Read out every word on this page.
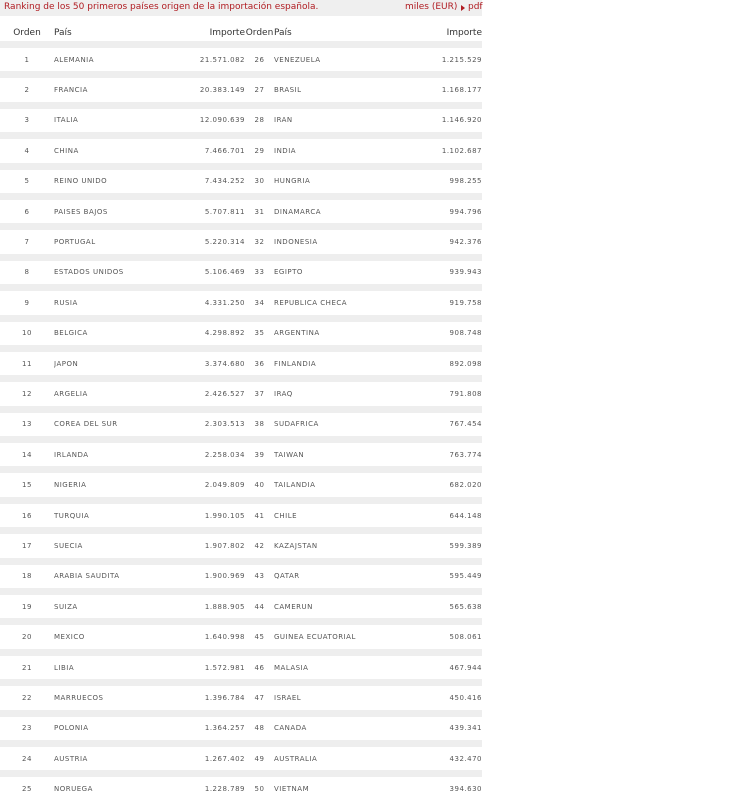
Ranking de los 50 primeros países origen de la importación española.	miles (EUR) pdf
Orden	País	Importe	Orden	País	Importe
1	ALEMANIA	21.571.082	26	VENEZUELA	1.215.529
2	FRANCIA	20.383.149	27	BRASIL	1.168.177
3	ITALIA	12.090.639	28	IRAN	1.146.920
4	CHINA	7.466.701	29	INDIA	1.102.687
5	REINO UNIDO	7.434.252	30	HUNGRIA	998.255
6	PAISES BAJOS	5.707.811	31	DINAMARCA	994.796
7	PORTUGAL	5.220.314	32	INDONESIA	942.376
8	ESTADOS UNIDOS	5.106.469	33	EGIPTO	939.943
9	RUSIA	4.331.250	34	REPUBLICA CHECA	919.758
10	BELGICA	4.298.892	35	ARGENTINA	908.748
11	JAPON	3.374.680	36	FINLANDIA	892.098
12	ARGELIA	2.426.527	37	IRAQ	791.808
13	COREA DEL SUR	2.303.513	38	SUDAFRICA	767.454
14	IRLANDA	2.258.034	39	TAIWAN	763.774
15	NIGERIA	2.049.809	40	TAILANDIA	682.020
16	TURQUIA	1.990.105	41	CHILE	644.148
17	SUECIA	1.907.802	42	KAZAJSTAN	599.389
18	ARABIA SAUDITA	1.900.969	43	QATAR	595.449
19	SUIZA	1.888.905	44	CAMERUN	565.638
20	MEXICO	1.640.998	45	GUINEA ECUATORIAL	508.061
21	LIBIA	1.572.981	46	MALASIA	467.944
22	MARRUECOS	1.396.784	47	ISRAEL	450.416
23	POLONIA	1.364.257	48	CANADA	439.341
24	AUSTRIA	1.267.402	49	AUSTRALIA	432.470
25	NORUEGA	1.228.789	50	VIETNAM	394.630
